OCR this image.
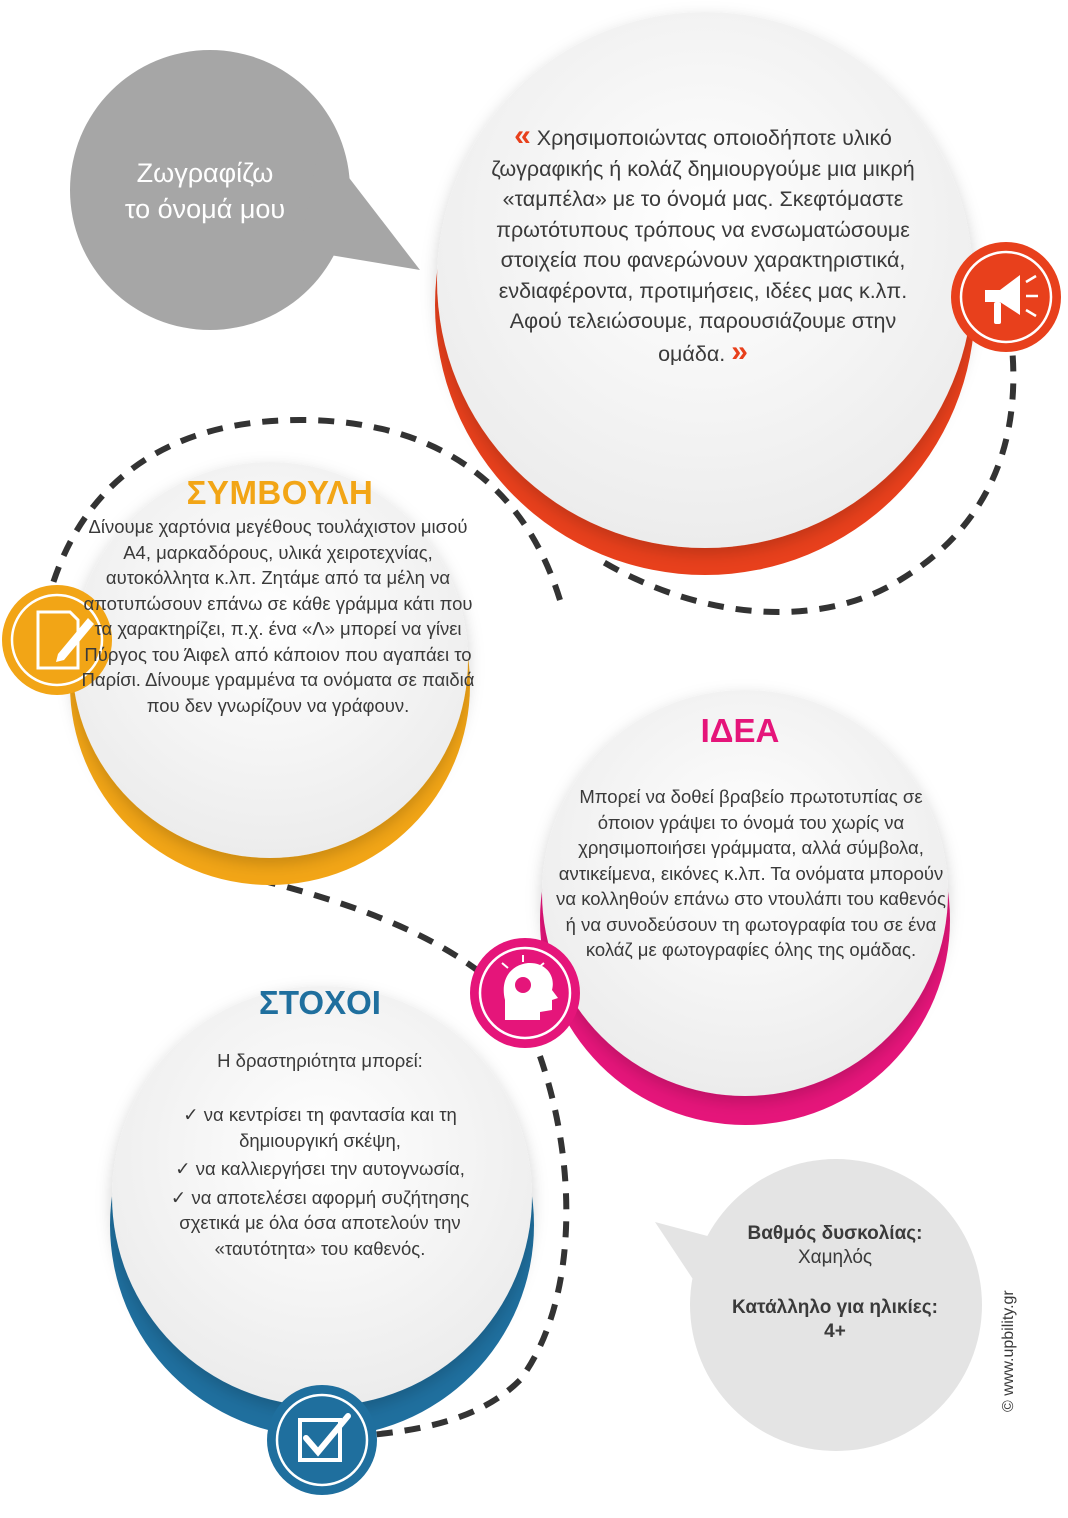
Ζωγραφίζω
το όνομά μου
« Χρησιμοποιώντας οποιοδήποτε υλικό ζωγραφικής ή κολάζ δημιουργούμε μια μικρή «ταμπέλα» με το όνομά μας. Σκεφτόμαστε πρωτότυπους τρόπους να ενσωματώσουμε στοιχεία που φανερώνουν χαρακτηριστικά, ενδιαφέροντα, προτιμήσεις, ιδέες μας κ.λπ. Αφού τελειώσουμε, παρουσιάζουμε στην ομάδα. »
ΣΥΜΒΟΥΛΗ
Δίνουμε χαρτόνια μεγέθους τουλάχιστον μισού Α4, μαρκαδόρους, υλικά χειροτεχνίας, αυτοκόλλητα κ.λπ. Ζητάμε από τα μέλη να αποτυπώσουν επάνω σε κάθε γράμμα κάτι που τα χαρακτηρίζει, π.χ. ένα «Λ» μπορεί να γίνει Πύργος του Άιφελ από κάποιον που αγαπάει το Παρίσι. Δίνουμε γραμμένα τα ονόματα σε παιδιά που δεν γνωρίζουν να γράφουν.
ΙΔΕΑ
Μπορεί να δοθεί βραβείο πρωτοτυπίας σε όποιον γράψει το όνομά του χωρίς να χρησιμοποιήσει γράμματα, αλλά σύμβολα, αντικείμενα, εικόνες κ.λπ. Τα ονόματα μπορούν να κολληθούν επάνω στο ντουλάπι του καθενός ή να συνοδεύσουν τη φωτογραφία του σε ένα κολάζ με φωτογραφίες όλης της ομάδας.
ΣΤΟΧΟΙ
Η δραστηριότητα μπορεί:
✓ να κεντρίσει τη φαντασία και τη δημιουργική σκέψη,
✓ να καλλιεργήσει την αυτογνωσία,
✓ να αποτελέσει αφορμή συζήτησης σχετικά με όλα όσα αποτελούν την «ταυτότητα» του καθενός.
Βαθμός δυσκολίας:
Χαμηλός
Κατάλληλο για ηλικίες: 4+	© www.upbility.gr
